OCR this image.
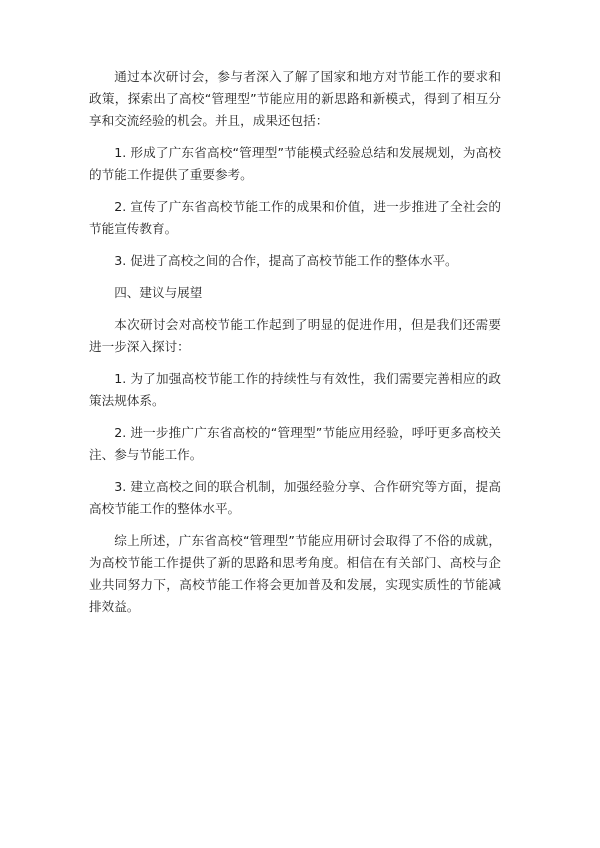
通过本次研讨会，参与者深入了解了国家和地方对节能工作的要求和政策，探索出了高校“管理型”节能应用的新思路和新模式，得到了相互分享和交流经验的机会。并且，成果还包括：

1. 形成了广东省高校“管理型”节能模式经验总结和发展规划，为高校的节能工作提供了重要参考。

2. 宣传了广东省高校节能工作的成果和价值，进一步推进了全社会的节能宣传教育。

3. 促进了高校之间的合作，提高了高校节能工作的整体水平。

四、建议与展望

本次研讨会对高校节能工作起到了明显的促进作用，但是我们还需要进一步深入探讨：

1. 为了加强高校节能工作的持续性与有效性，我们需要完善相应的政策法规体系。

2. 进一步推广广东省高校的“管理型”节能应用经验，呼吁更多高校关注、参与节能工作。

3. 建立高校之间的联合机制，加强经验分享、合作研究等方面，提高高校节能工作的整体水平。

综上所述，广东省高校“管理型”节能应用研讨会取得了不俗的成就，为高校节能工作提供了新的思路和思考角度。相信在有关部门、高校与企业共同努力下，高校节能工作将会更加普及和发展，实现实质性的节能减排效益。
